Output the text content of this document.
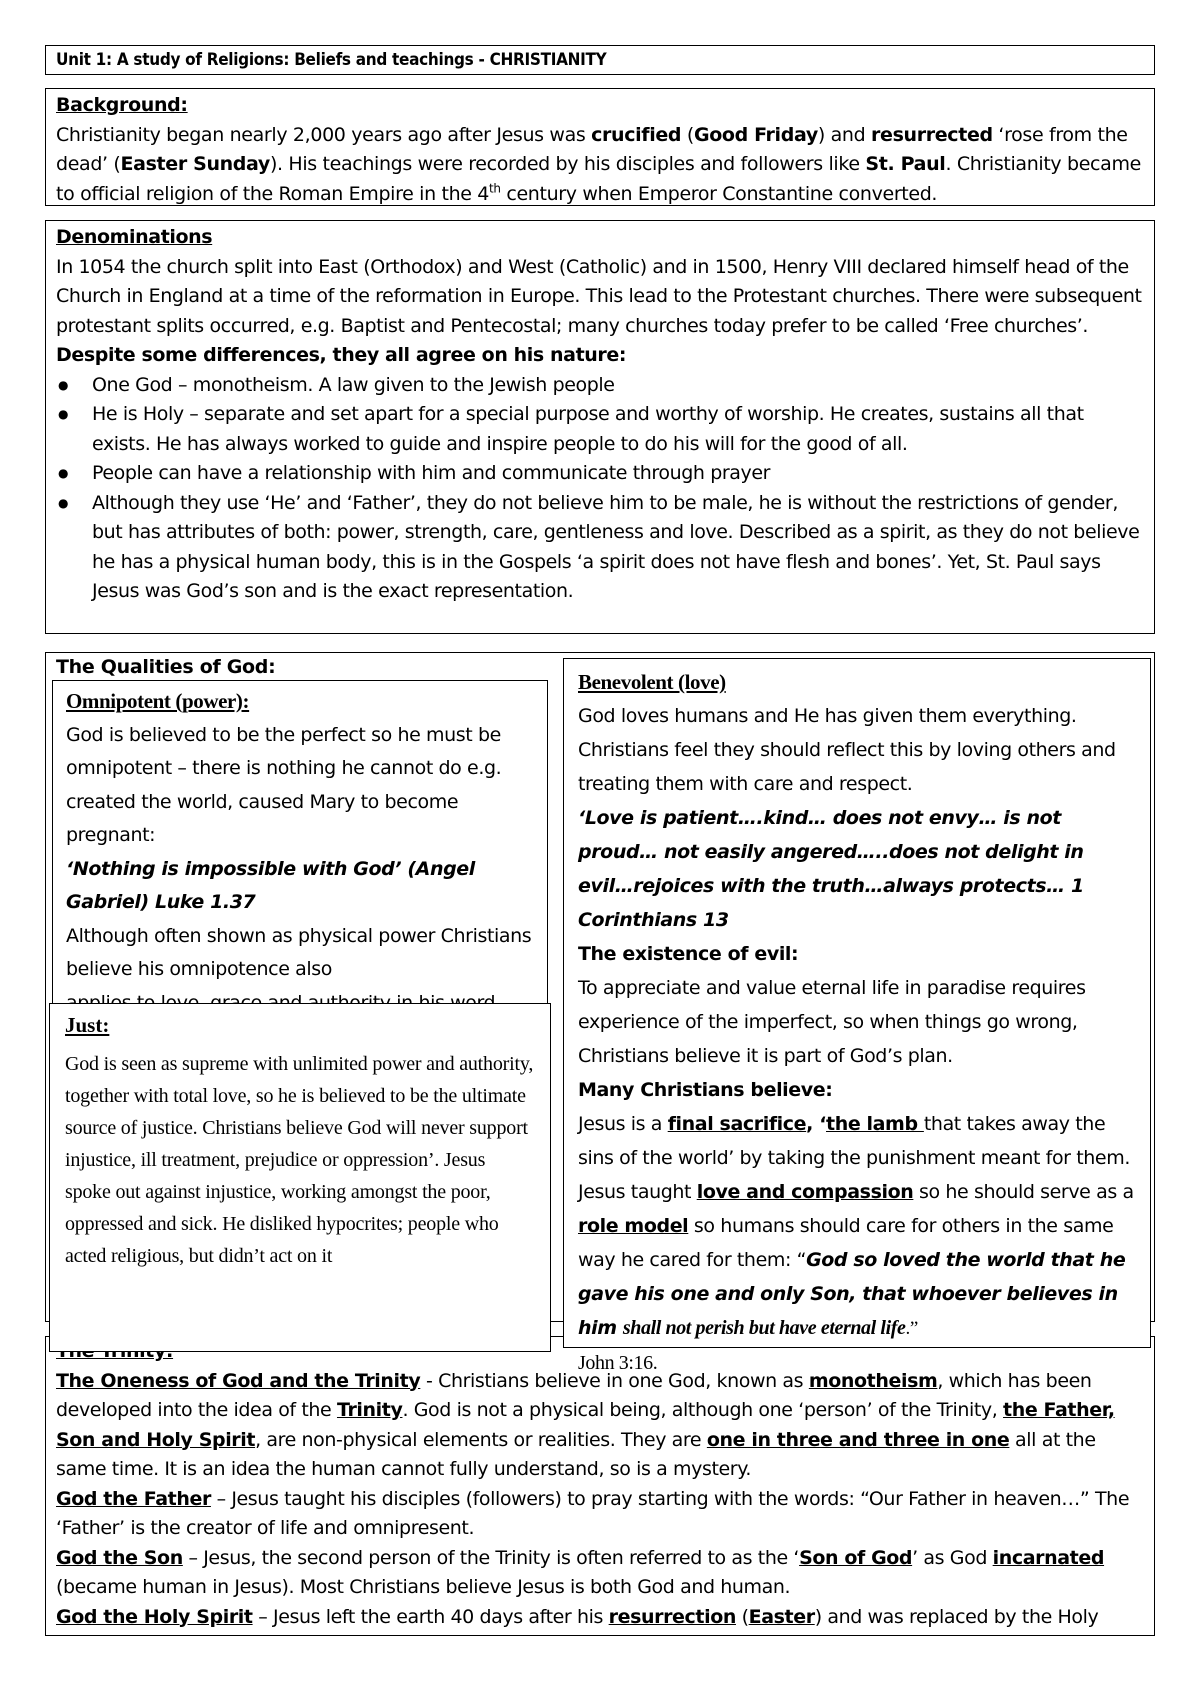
Unit 1: A study of Religions: Beliefs and teachings - CHRISTIANITY
Background:
Christianity began nearly 2,000 years ago after Jesus was crucified (Good Friday) and resurrected ‘rose from the dead’ (Easter Sunday). His teachings were recorded by his disciples and followers like St. Paul. Christianity became to official religion of the Roman Empire in the 4th century when Emperor Constantine converted.
Denominations
In 1054 the church split into East (Orthodox) and West (Catholic) and in 1500, Henry VIII declared himself head of the Church in England at a time of the reformation in Europe. This lead to the Protestant churches. There were subsequent protestant splits occurred, e.g. Baptist and Pentecostal; many churches today prefer to be called ‘Free churches’.
Despite some differences, they all agree on his nature:
● One God – monotheism. A law given to the Jewish people
● He is Holy – separate and set apart for a special purpose and worthy of worship. He creates, sustains all that exists. He has always worked to guide and inspire people to do his will for the good of all.
● People can have a relationship with him and communicate through prayer
● Although they use ‘He’ and ‘Father’, they do not believe him to be male, he is without the restrictions of gender, but has attributes of both: power, strength, care, gentleness and love. Described as a spirit, as they do not believe he has a physical human body, this is in the Gospels ‘a spirit does not have flesh and bones’. Yet, St. Paul says Jesus was God’s son and is the exact representation.
The Qualities of God:
The Oneness of God and the Trinity - Christians believe in one God, known as monotheism, which has been developed into the idea of the Trinity. God is not a physical being, although one ‘person’ of the Trinity, the Father, Son and Holy Spirit, are non-physical elements or realities. They are one in three and three in one all at the same time. It is an idea the human cannot fully understand, so is a mystery.
God the Father – Jesus taught his disciples (followers) to pray starting with the words: “Our Father in heaven…” The ‘Father’ is the creator of life and omnipresent.
God the Son – Jesus, the second person of the Trinity is often referred to as the ‘Son of God’ as God incarnated (became human in Jesus). Most Christians believe Jesus is both God and human.
God the Holy Spirit – Jesus left the earth 40 days after his resurrection (Easter) and was replaced by the Holy
Omnipotent (power):
God is believed to be the perfect so he must be omnipotent – there is nothing he cannot do e.g. created the world, caused Mary to become pregnant:
‘Nothing is impossible with God’ (Angel Gabriel) Luke 1.37
Although often shown as physical power Christians believe his omnipotence also
Just:
God is seen as supreme with unlimited power and authority, together with total love, so he is believed to be the ultimate source of justice. Christians believe God will never support injustice, ill treatment, prejudice or oppression’. Jesus spoke out against injustice, working amongst the poor, oppressed and sick. He disliked hypocrites; people who acted religious, but didn’t act on it
Benevolent (love)
God loves humans and He has given them everything. Christians feel they should reflect this by loving others and treating them with care and respect.
‘Love is patient….kind… does not envy… is not proud… not easily angered…..does not delight in evil…rejoices with the truth…always protects… 1 Corinthians 13
The existence of evil:
To appreciate and value eternal life in paradise requires experience of the imperfect, so when things go wrong, Christians believe it is part of God’s plan.
Many Christians believe:
Jesus is a final sacrifice, ‘the lamb that takes away the sins of the world’ by taking the punishment meant for them. Jesus taught love and compassion so he should serve as a role model so humans should care for others in the same way he cared for them: “God so loved the world that he gave his one and only Son, that whoever believes in him shall not perish but have eternal life.”
John 3:16.
